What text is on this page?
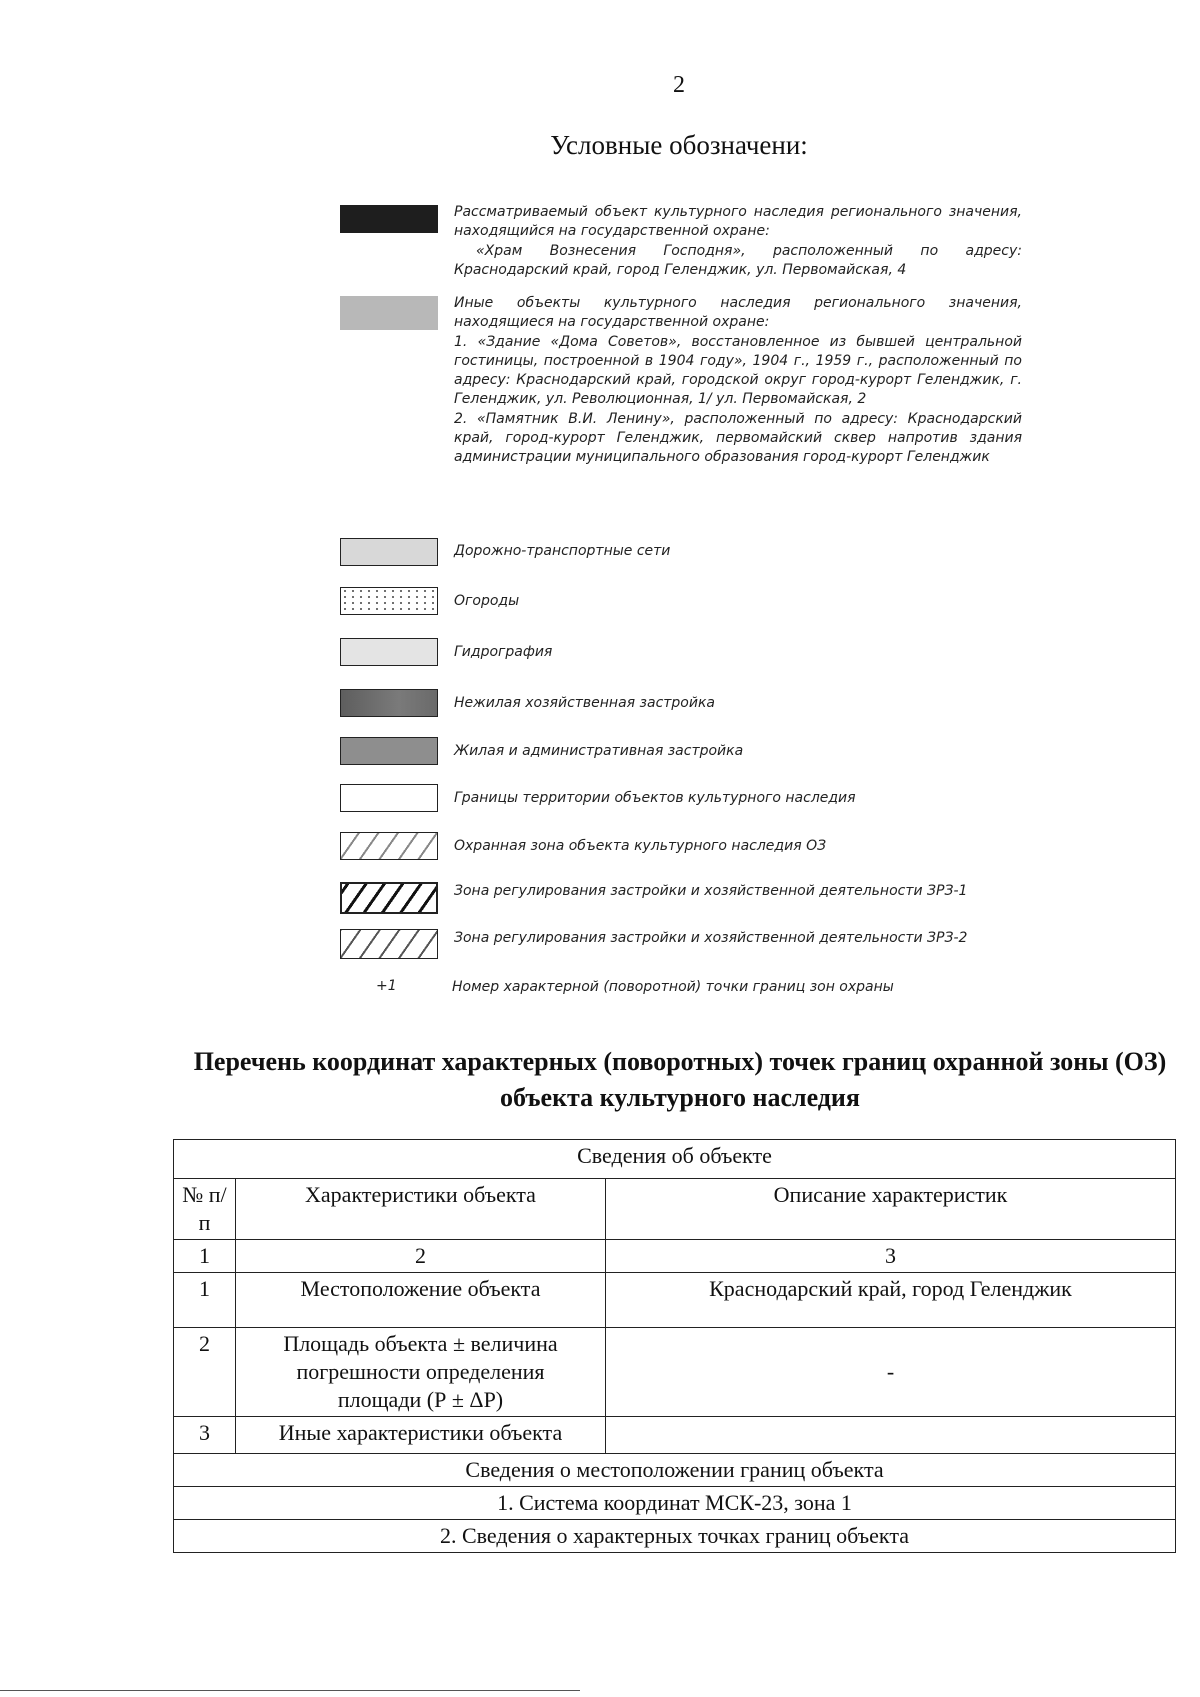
2
Условные обозначени:

Рассматриваемый объект культурного наследия регионального значения, находящийся на государственной охране:

«Храм Вознесения Господня», расположенный по адресу: Краснодарский край, город Геленджик, ул. Первомайская, 4

Иные объекты культурного наследия регионального значения, находящиеся на государственной охране:

1. «Здание «Дома Советов», восстановленное из бывшей центральной гостиницы, построенной в 1904 году», 1904 г., 1959 г., расположенный по адресу: Краснодарский край, городской округ город-курорт Геленджик, г. Геленджик, ул. Революционная, 1/ ул. Первомайская, 2

2. «Памятник В.И. Ленину», расположенный по адресу: Краснодарский край, город-курорт Геленджик, первомайский сквер напротив здания администрации муниципального образования город-курорт Геленджик

Дорожно-транспортные сети
Огороды
Гидрография
Нежилая хозяйственная застройка
Жилая и административная застройка
Границы территории объектов культурного наследия
Охранная зона объекта культурного наследия ОЗ
Зона регулирования застройки и хозяйственной деятельности ЗРЗ-1
Зона регулирования застройки и хозяйственной деятельности ЗРЗ-2
+1	Номер характерной (поворотной) точки границ зон охраны
Перечень координат характерных (поворотных) точек границ охранной зоны (ОЗ) объекта культурного наследия
Сведения об объекте		
№ п/п	Характеристики объекта	Описание характеристик
1	2	3
1	Местоположение объекта	Краснодарский край, город Геленджик
2	Площадь объекта ± величина погрешности определения площади (Р ± ΔР)	-
3	Иные характеристики объекта	
Сведения о местоположении границ объекта		
1. Система координат МСК-23, зона 1		
2. Сведения о характерных точках границ объекта		
